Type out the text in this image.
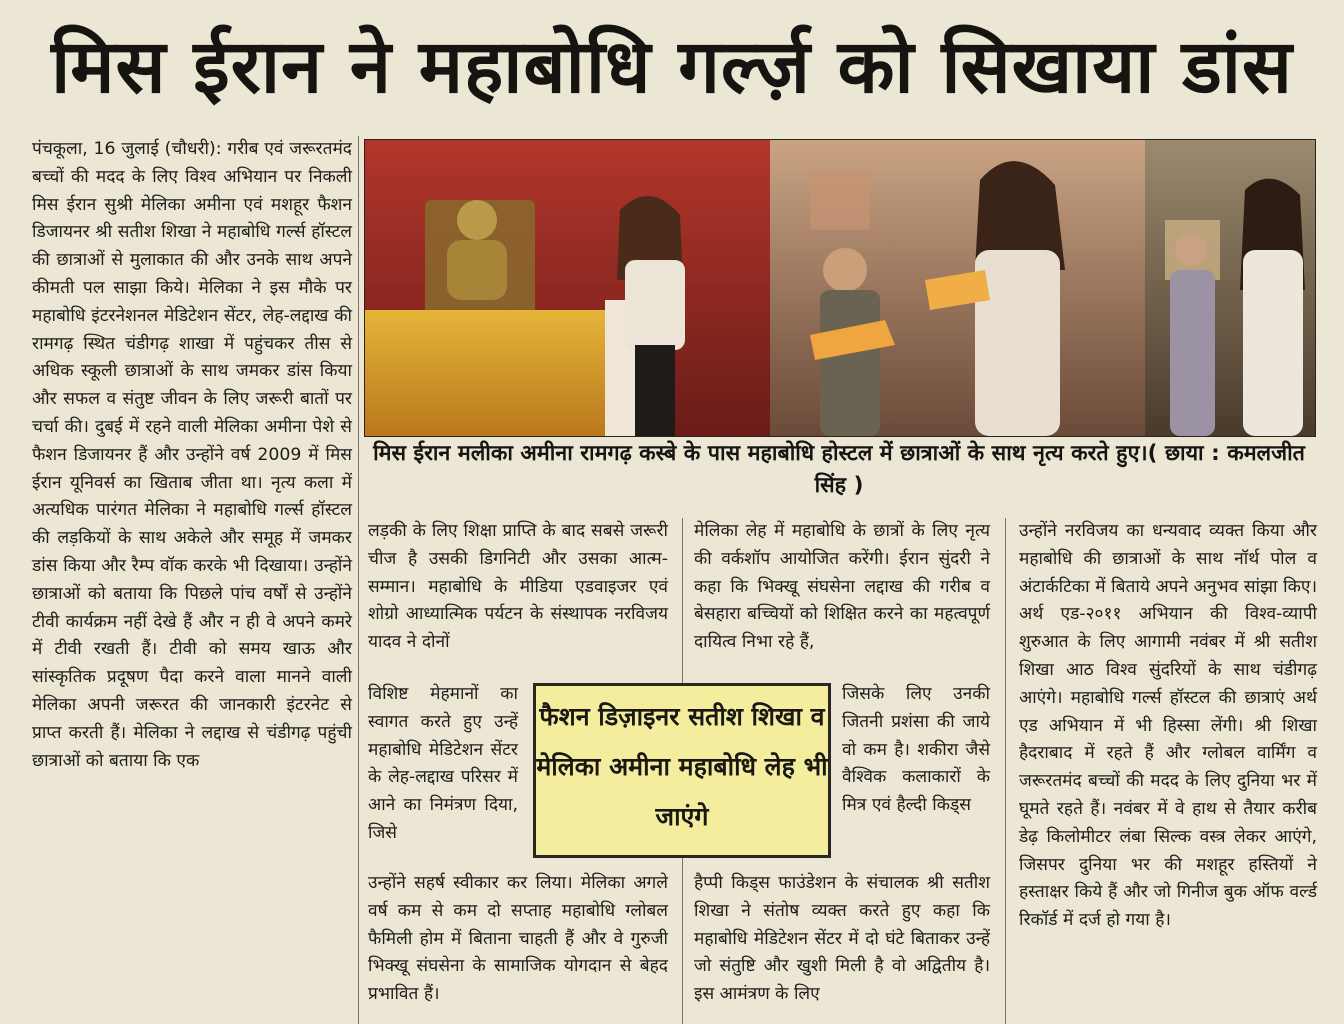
मिस ईरान ने महाबोधि गर्ल्ज़ को सिखाया डांस
मिस ईरान मलीका अमीना रामगढ़ कस्बे के पास महाबोधि होस्टल में छात्राओं के साथ नृत्य करते हुए।( छाया : कमलजीत सिंह )

पंचकूला, 16 जुलाई (चौधरी): गरीब एवं जरूरतमंद बच्चों की मदद के लिए विश्व अभियान पर निकली मिस ईरान सुश्री मेलिका अमीना एवं मशहूर फैशन डिजायनर श्री सतीश शिखा ने महाबोधि गर्ल्स हॉस्टल की छात्राओं से मुलाकात की और उनके साथ अपने कीमती पल साझा किये। मेलिका ने इस मौके पर महाबोधि इंटरनेशनल मेडिटेशन सेंटर, लेह-लद्दाख की रामगढ़ स्थित चंडीगढ़ शाखा में पहुंचकर तीस से अधिक स्कूली छात्राओं के साथ जमकर डांस किया और सफल व संतुष्ट जीवन के लिए जरूरी बातों पर चर्चा की। दुबई में रहने वाली मेलिका अमीना पेशे से फैशन डिजायनर हैं और उन्होंने वर्ष 2009 में मिस ईरान यूनिवर्स का खिताब जीता था। नृत्य कला में अत्यधिक पारंगत मेलिका ने महाबोधि गर्ल्स हॉस्टल की लड़कियों के साथ अकेले और समूह में जमकर डांस किया और रैम्प वॉक करके भी दिखाया। उन्होंने छात्राओं को बताया कि पिछले पांच वर्षों से उन्होंने टीवी कार्यक्रम नहीं देखे हैं और न ही वे अपने कमरे में टीवी रखती हैं। टीवी को समय खाऊ और सांस्कृतिक प्रदूषण पैदा करने वाला मानने वाली मेलिका अपनी जरूरत की जानकारी इंटरनेट से प्राप्त करती हैं। मेलिका ने लद्दाख से चंडीगढ़ पहुंची छात्राओं को बताया कि एक

लड़की के लिए शिक्षा प्राप्ति के बाद सबसे जरूरी चीज है उसकी डिगनिटी और उसका आत्म-सम्मान। महाबोधि के मीडिया एडवाइजर एवं शोग्रो आध्यात्मिक पर्यटन के संस्थापक नरविजय यादव ने दोनों

विशिष्ट मेहमानों का स्वागत करते हुए उन्हें महाबोधि मेडिटेशन सेंटर के लेह-लद्दाख परिसर में आने का निमंत्रण दिया, जिसे

उन्होंने सहर्ष स्वीकार कर लिया। मेलिका अगले वर्ष कम से कम दो सप्ताह महाबोधि ग्लोबल फैमिली होम में बिताना चाहती हैं और वे गुरुजी भिक्खू संघसेना के सामाजिक योगदान से बेहद प्रभावित हैं।

मेलिका लेह में महाबोधि के छात्रों के लिए नृत्य की वर्कशॉप आयोजित करेंगी। ईरान सुंदरी ने कहा कि भिक्खू संघसेना लद्दाख की गरीब व बेसहारा बच्चियों को शिक्षित करने का महत्वपूर्ण दायित्व निभा रहे हैं,

जिसके लिए उनकी जितनी प्रशंसा की जाये वो कम है। शकीरा जैसे वैश्विक कलाकारों के मित्र एवं हैल्दी किड्स

हैप्पी किड्स फाउंडेशन के संचालक श्री सतीश शिखा ने संतोष व्यक्त करते हुए कहा कि महाबोधि मेडिटेशन सेंटर में दो घंटे बिताकर उन्हें जो संतुष्टि और खुशी मिली है वो अद्वितीय है। इस आमंत्रण के लिए

उन्होंने नरविजय का धन्यवाद व्यक्त किया और महाबोधि की छात्राओं के साथ नॉर्थ पोल व अंटार्कटिका में बिताये अपने अनुभव सांझा किए। अर्थ एड-२०११ अभियान की विश्व-व्यापी शुरुआत के लिए आगामी नवंबर में श्री सतीश शिखा आठ विश्व सुंदरियों के साथ चंडीगढ़ आएंगे। महाबोधि गर्ल्स हॉस्टल की छात्राएं अर्थ एड अभियान में भी हिस्सा लेंगी। श्री शिखा हैदराबाद में रहते हैं और ग्लोबल वार्मिंग व जरूरतमंद बच्चों की मदद के लिए दुनिया भर में घूमते रहते हैं। नवंबर में वे हाथ से तैयार करीब डेढ़ किलोमीटर लंबा सिल्क वस्त्र लेकर आएंगे, जिसपर दुनिया भर की मशहूर हस्तियों ने हस्ताक्षर किये हैं और जो गिनीज बुक ऑफ वर्ल्ड रिकॉर्ड में दर्ज हो गया है।

फैशन डिज़ाइनर सतीश शिखा व मेलिका अमीना महाबोधि लेह भी जाएंगे
